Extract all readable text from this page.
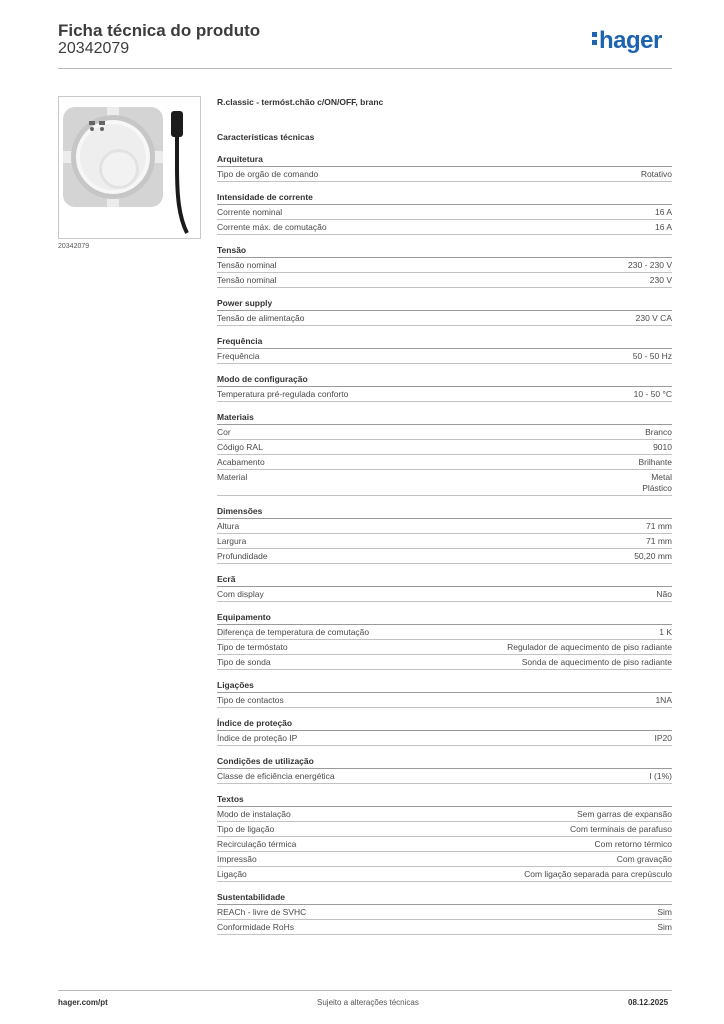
Ficha técnica do produto
20342079	hager
20342079
R.classic - termóst.chão c/ON/OFF, branc
Características técnicas
Arquitetura
Tipo de orgão de comando	Rotativo
Intensidade de corrente
Corrente nominal	16 A
Corrente máx. de comutação	16 A
Tensão
Tensão nominal	230 - 230 V
Tensão nominal	230 V
Power supply
Tensão de alimentação	230 V CA
Frequência
Frequência	50 - 50 Hz
Modo de configuração
Temperatura pré-regulada conforto	10 - 50 °C
Materiais
Cor	Branco
Código RAL	9010
Acabamento	Brilhante
Material	Metal
Plástico
Dimensões
Altura	71 mm
Largura	71 mm
Profundidade	50,20 mm
Ecrã
Com display	Não
Equipamento
Diferença de temperatura de comutação	1 K
Tipo de termóstato	Regulador de aquecimento de piso radiante
Tipo de sonda	Sonda de aquecimento de piso radiante
Ligações
Tipo de contactos	1NA
Índice de proteção
Índice de proteção IP	IP20
Condições de utilização
Classe de eficiência energética	I (1%)
Textos
Modo de instalação	Sem garras de expansão
Tipo de ligação	Com terminais de parafuso
Recirculação térmica	Com retorno térmico
Impressão	Com gravação
Ligação	Com ligação separada para crepúsculo
Sustentabilidade
REACh - livre de SVHC	Sim
Conformidade RoHs	Sim
hager.com/pt	Sujeito a alterações técnicas	08.12.2025
